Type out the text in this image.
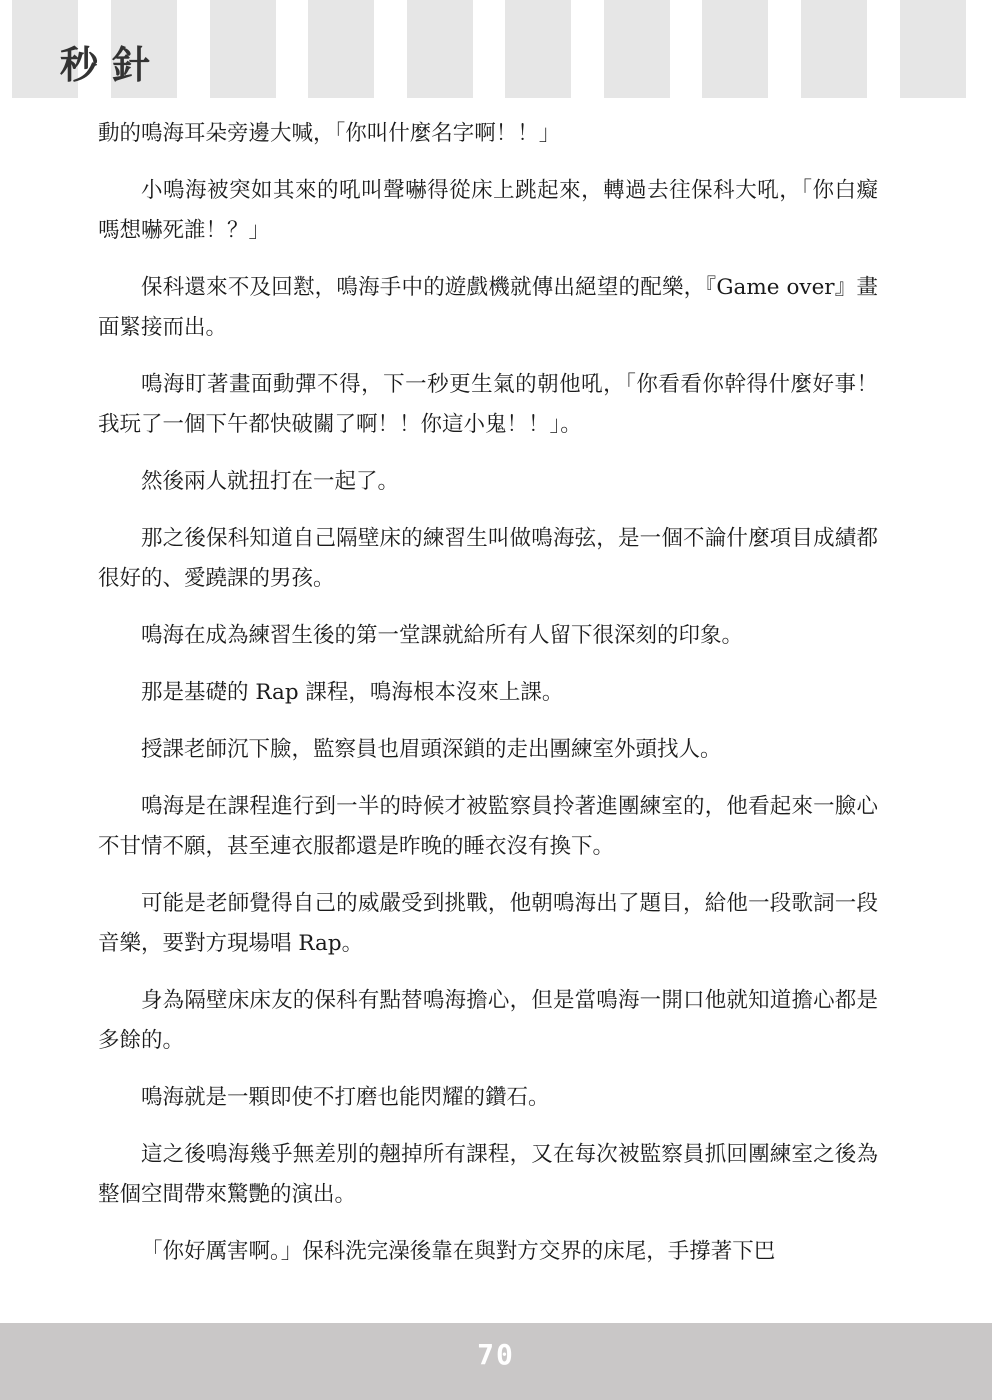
秒針

動的鳴海耳朵旁邊大喊，「你叫什麼名字啊！！」

小鳴海被突如其來的吼叫聲嚇得從床上跳起來，轉過去往保科大吼，「你白癡嗎想嚇死誰！？」

保科還來不及回懟，鳴海手中的遊戲機就傳出絕望的配樂，『Game over』畫面緊接而出。

鳴海盯著畫面動彈不得，下一秒更生氣的朝他吼，「你看看你幹得什麼好事！我玩了一個下午都快破關了啊！！你這小鬼！！」。

然後兩人就扭打在一起了。

那之後保科知道自己隔壁床的練習生叫做鳴海弦，是一個不論什麼項目成績都很好的、愛蹺課的男孩。

鳴海在成為練習生後的第一堂課就給所有人留下很深刻的印象。

那是基礎的 Rap 課程，鳴海根本沒來上課。

授課老師沉下臉，監察員也眉頭深鎖的走出團練室外頭找人。

鳴海是在課程進行到一半的時候才被監察員拎著進團練室的，他看起來一臉心不甘情不願，甚至連衣服都還是昨晚的睡衣沒有換下。

可能是老師覺得自己的威嚴受到挑戰，他朝鳴海出了題目，給他一段歌詞一段音樂，要對方現場唱 Rap。

身為隔壁床床友的保科有點替鳴海擔心，但是當鳴海一開口他就知道擔心都是多餘的。

鳴海就是一顆即使不打磨也能閃耀的鑽石。

這之後鳴海幾乎無差別的翹掉所有課程，又在每次被監察員抓回團練室之後為整個空間帶來驚艷的演出。

「你好厲害啊。」保科洗完澡後靠在與對方交界的床尾，手撐著下巴

70
